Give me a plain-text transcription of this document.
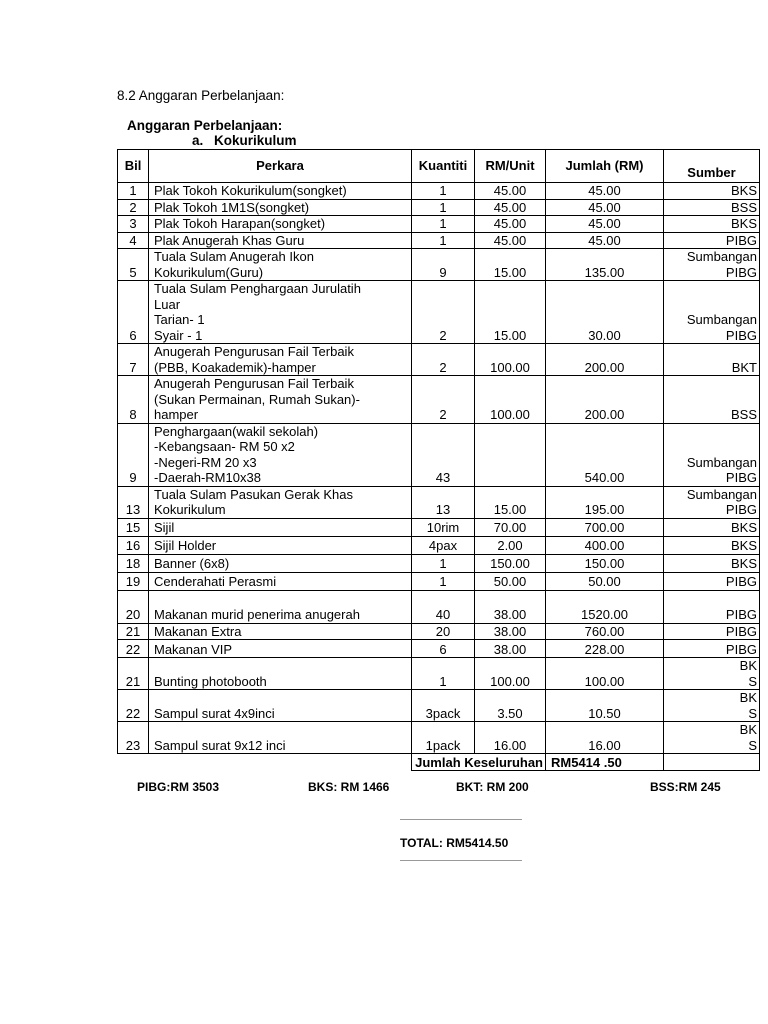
8.2 Anggaran Perbelanjaan:
Anggaran Perbelanjaan:
a. Kokurikulum
Bil	Perkara	Kuantiti	RM/Unit	Jumlah (RM)	Sumber
1	Plak Tokoh Kokurikulum(songket)	1	45.00	45.00	BKS
2	Plak Tokoh 1M1S(songket)	1	45.00	45.00	BSS
3	Plak Tokoh Harapan(songket)	1	45.00	45.00	BKS
4	Plak Anugerah Khas Guru	1	45.00	45.00	PIBG
5	Tuala Sulam Anugerah Ikon
Kokurikulum(Guru)	9	15.00	135.00	Sumbangan
PIBG
6	Tuala Sulam Penghargaan Jurulatih
Luar
Tarian- 1
Syair - 1	2	15.00	30.00	Sumbangan
PIBG
7	Anugerah Pengurusan Fail Terbaik
(PBB, Koakademik)-hamper	2	100.00	200.00	BKT
8	Anugerah Pengurusan Fail Terbaik
(Sukan Permainan, Rumah Sukan)-
hamper	2	100.00	200.00	BSS
9	Penghargaan(wakil sekolah)
-Kebangsaan- RM 50 x2
-Negeri-RM 20 x3
-Daerah-RM10x38	43		540.00	Sumbangan
PIBG
13	Tuala Sulam Pasukan Gerak Khas
Kokurikulum	13	15.00	195.00	Sumbangan
PIBG
15	Sijil	10rim	70.00	700.00	BKS
16	Sijil Holder	4pax	2.00	400.00	BKS
18	Banner (6x8)	1	150.00	150.00	BKS
19	Cenderahati Perasmi	1	50.00	50.00	PIBG
20	Makanan murid penerima anugerah	40	38.00	1520.00	PIBG
21	Makanan Extra	20	38.00	760.00	PIBG
22	Makanan VIP	6	38.00	228.00	PIBG
21	Bunting photobooth	1	100.00	100.00	BK
S
22	Sampul surat 4x9inci	3pack	3.50	10.50	BK
S
23	Sampul surat 9x12 inci	1pack	16.00	16.00	BK
S
		Jumlah Keseluruhan		RM5414 .50	
PIBG:RM 3503	BKS: RM 1466	BKT: RM 200	BSS:RM 245
TOTAL: RM5414.50
